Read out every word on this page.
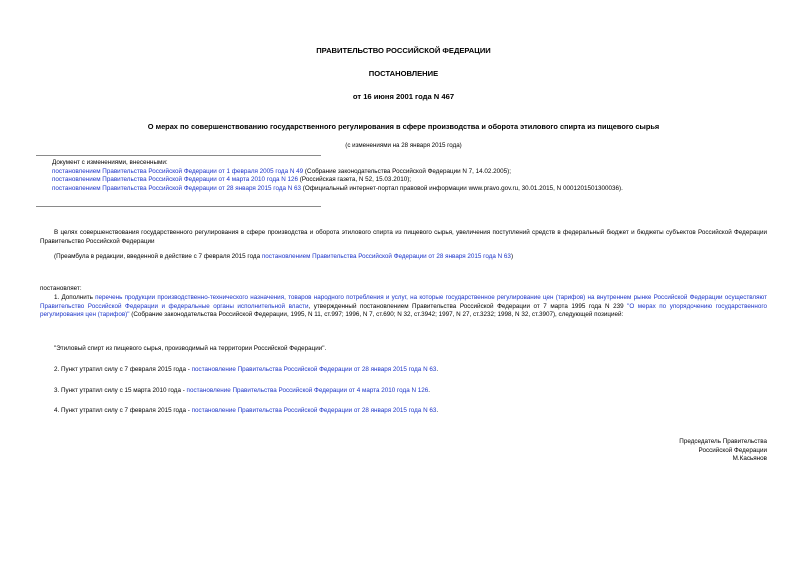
ПРАВИТЕЛЬСТВО РОССИЙСКОЙ ФЕДЕРАЦИИ
ПОСТАНОВЛЕНИЕ
от 16 июня 2001 года N 467
О мерах по совершенствованию государственного регулирования в сфере производства и оборота этилового спирта из пищевого сырья
(с изменениями на 28 января 2015 года)
Документ с изменениями, внесенными:
постановлением Правительства Российской Федерации от 1 февраля 2005 года N 49 (Собрание законодательства Российской Федерации N 7, 14.02.2005);
постановлением Правительства Российской Федерации от 4 марта 2010 года N 126 (Российская газета, N 52, 15.03.2010);
постановлением Правительства Российской Федерации от 28 января 2015 года N 63 (Официальный интернет-портал правовой информации www.pravo.gov.ru, 30.01.2015, N 0001201501300036).
В целях совершенствования государственного регулирования в сфере производства и оборота этилового спирта из пищевого сырья, увеличения поступлений средств в федеральный бюджет и бюджеты субъектов Российской Федерации Правительство Российской Федерации
(Преамбула в редакции, введенной в действие с 7 февраля 2015 года постановлением Правительства Российской Федерации от 28 января 2015 года N 63)
постановляет:
1. Дополнить перечень продукции производственно-технического назначения, товаров народного потребления и услуг, на которые государственное регулирование цен (тарифов) на внутреннем рынке Российской Федерации осуществляют Правительство Российской Федерации и федеральные органы исполнительной власти, утвержденный постановлением Правительства Российской Федерации от 7 марта 1995 года N 239 "О мерах по упорядочению государственного регулирования цен (тарифов)" (Собрание законодательства Российской Федерации, 1995, N 11, ст.997; 1996, N 7, ст.690; N 32, ст.3942; 1997, N 27, ст.3232; 1998, N 32, ст.3907), следующей позицией:
"Этиловый спирт из пищевого сырья, производимый на территории Российской Федерации".
2. Пункт утратил силу с 7 февраля 2015 года - постановление Правительства Российской Федерации от 28 января 2015 года N 63.
3. Пункт утратил силу с 15 марта 2010 года - постановление Правительства Российской Федерации от 4 марта 2010 года N 126.
4. Пункт утратил силу с 7 февраля 2015 года - постановление Правительства Российской Федерации от 28 января 2015 года N 63.
Председатель Правительства
Российской Федерации
М.Касьянов
